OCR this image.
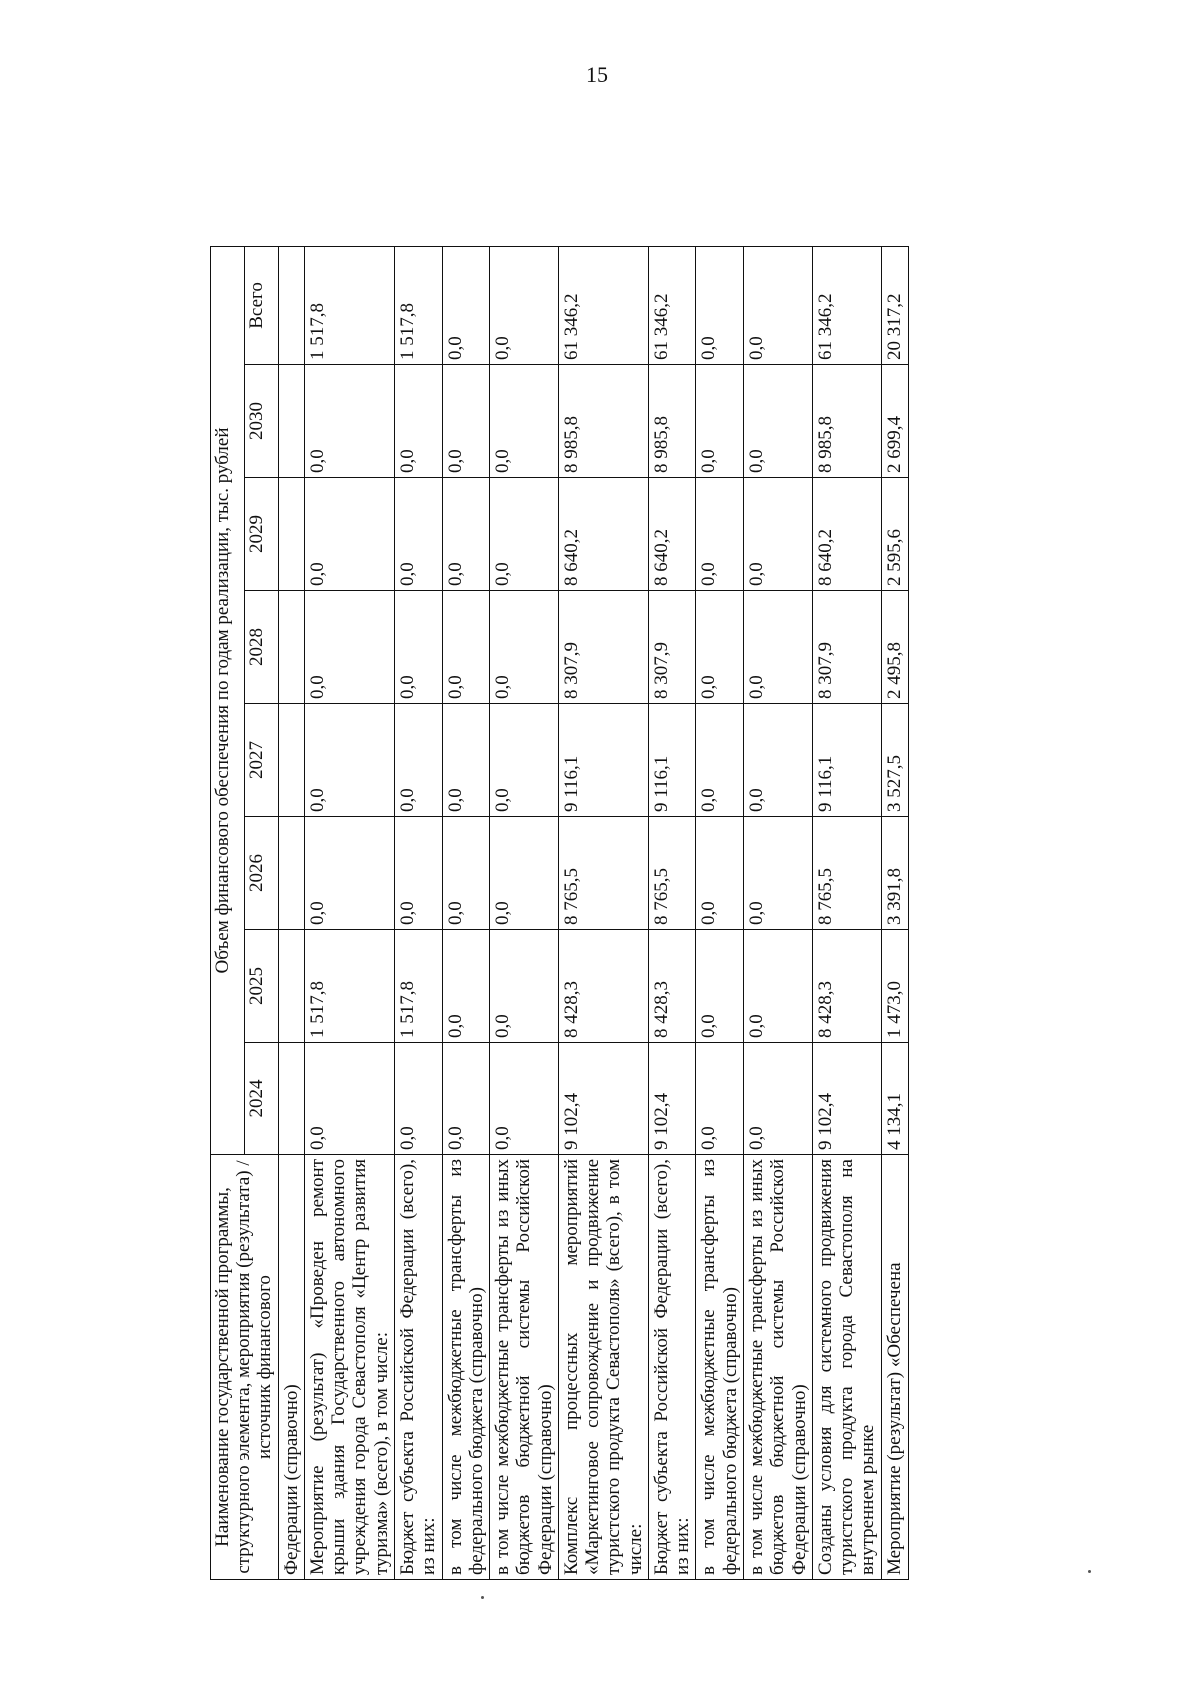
15
Наименование государственной программы, структурного элемента, мероприятия (результата) / источник финансового	Объем финансового обеспечения по годам реализации, тыс. рублей							
	2024	2025	2026	2027	2028	2029	2030	Всего
Федерации (справочно)								
Мероприятие (результат) «Проведен ремонт крыши здания Государственного автономного учреждения города Севастополя «Центр развития туризма» (всего), в том числе:	0,0	1 517,8	0,0	0,0	0,0	0,0	0,0	1 517,8
Бюджет субъекта Российской Федерации (всего), из них:	0,0	1 517,8	0,0	0,0	0,0	0,0	0,0	1 517,8
в том числе межбюджетные трансферты из федерального бюджета (справочно)	0,0	0,0	0,0	0,0	0,0	0,0	0,0	0,0
в том числе межбюджетные трансферты из иных бюджетов бюджетной системы Российской Федерации (справочно)	0,0	0,0	0,0	0,0	0,0	0,0	0,0	0,0
Комплекс процессных мероприятий «Маркетинговое сопровождение и продвижение туристского продукта Севастополя» (всего), в том числе:	9 102,4	8 428,3	8 765,5	9 116,1	8 307,9	8 640,2	8 985,8	61 346,2
Бюджет субъекта Российской Федерации (всего), из них:	9 102,4	8 428,3	8 765,5	9 116,1	8 307,9	8 640,2	8 985,8	61 346,2
в том числе межбюджетные трансферты из федерального бюджета (справочно)	0,0	0,0	0,0	0,0	0,0	0,0	0,0	0,0
в том числе межбюджетные трансферты из иных бюджетов бюджетной системы Российской Федерации (справочно)	0,0	0,0	0,0	0,0	0,0	0,0	0,0	0,0
Созданы условия для системного продвижения туристского продукта города Севастополя на внутреннем рынке	9 102,4	8 428,3	8 765,5	9 116,1	8 307,9	8 640,2	8 985,8	61 346,2
Мероприятие (результат) «Обеспечена	4 134,1	1 473,0	3 391,8	3 527,5	2 495,8	2 595,6	2 699,4	20 317,2
